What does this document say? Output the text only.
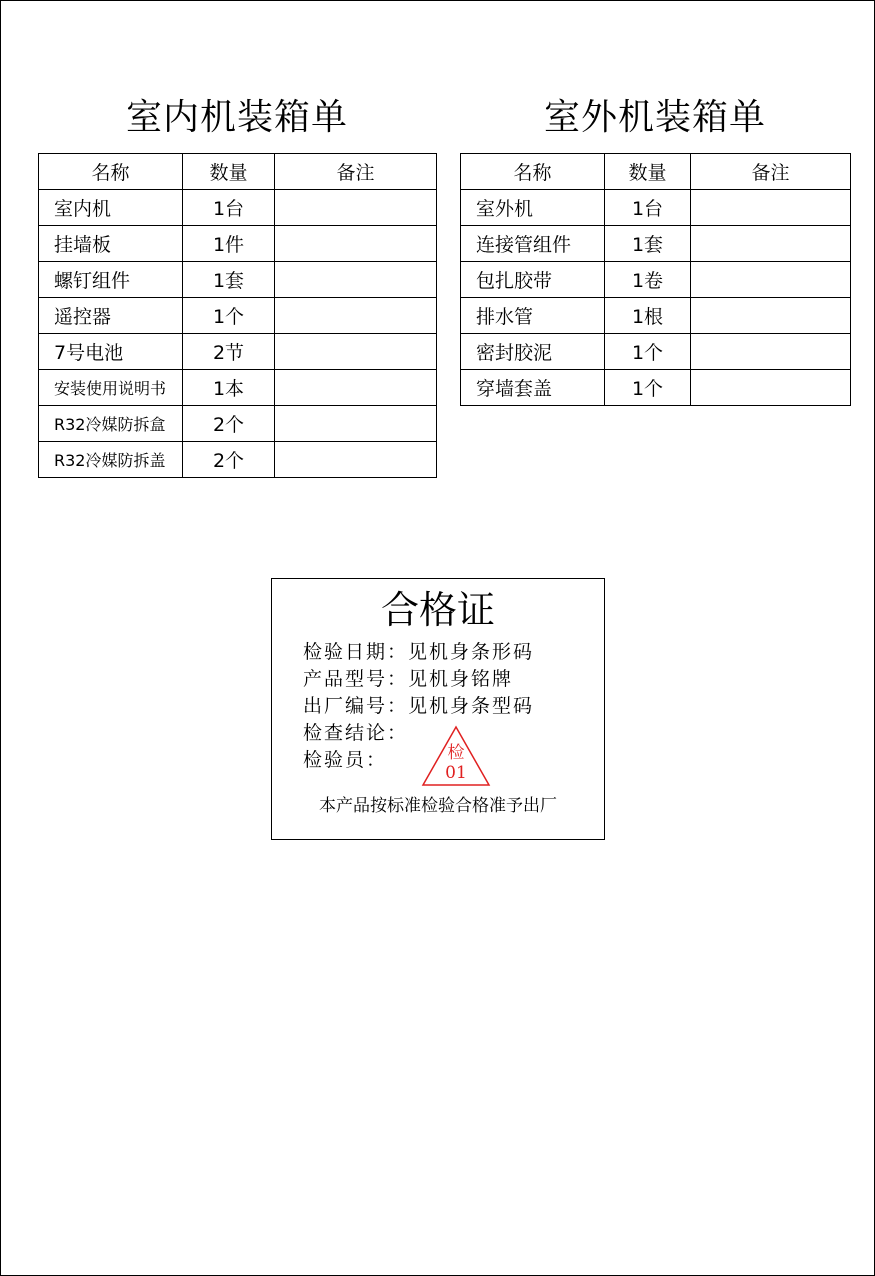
室内机装箱单	室外机装箱单
名称	数量	备注
室内机	1台	
挂墙板	1件	
螺钉组件	1套	
遥控器	1个	
7号电池	2节	
安装使用说明书	1本	
R32冷媒防拆盒	2个	
R32冷媒防拆盖	2个	
名称	数量	备注
室外机	1台	
连接管组件	1套	
包扎胶带	1卷	
排水管	1根	
密封胶泥	1个	
穿墙套盖	1个	
合格证
检验日期：见机身条形码
产品型号：见机身铭牌
出厂编号：见机身条型码
检查结论：
检验员：	检
01
本产品按标准检验合格准予出厂
